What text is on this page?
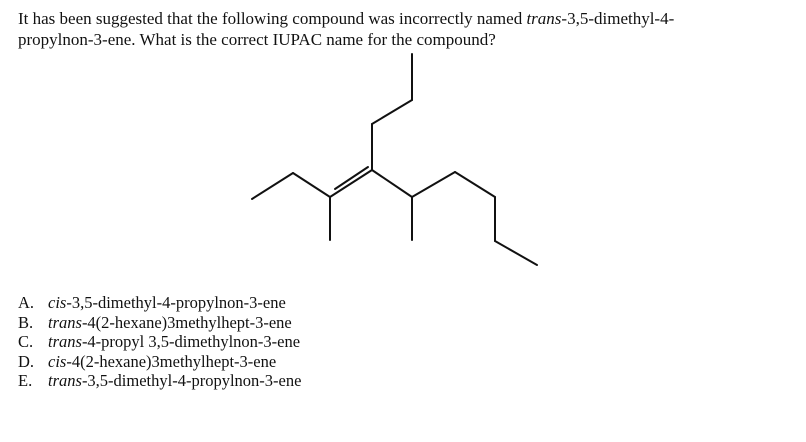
It has been suggested that the following compound was incorrectly named trans-3,5-dimethyl-4-
propylnon-3-ene. What is the correct IUPAC name for the compound?

A. cis-3,5-dimethyl-4-propylnon-3-ene
B. trans-4(2-hexane)3methylhept-3-ene
C. trans-4-propyl 3,5-dimethylnon-3-ene
D. cis-4(2-hexane)3methylhept-3-ene
E. trans-3,5-dimethyl-4-propylnon-3-ene
